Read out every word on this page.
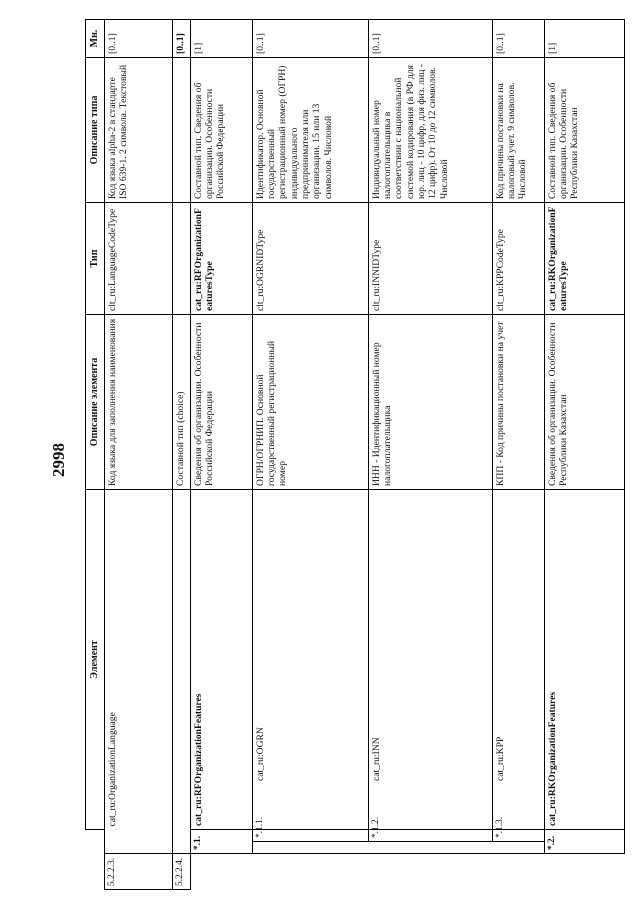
2998
			Элемент	Описание элемента	Тип	Описание типа	Мн.
5.2.2.3.			cat_ru:OrganizationLanguage	Код языка для заполнения наименования	clt_ru:LanguageCodeType	Код языка alpha-2 в стандарте ISO 639-1. 2 символа. Текстовый	[0..1]
5.2.2.4.				Составной тип (choice)			[0..1]
	*.1.		cat_ru:RFOrganizationFeatures	Сведения об организации. Особенности Российской Федерации	cat_ru:RFOrganizationFeaturesType	Составной тип. Сведения об организации. Особенности Российской Федерации	[1]
		*.1.1.	cat_ru:OGRN	ОГРН/ОГРНИП. Основной государственный регистрационный номер	clt_ru:OGRNIDType	Идентификатор. Основной государственный регистрационный номер (ОГРН) индивидуального предпринимателя или организации. 15 или 13 символов. Числовой	[0..1]
		*.1.2.	cat_ru:INN	ИНН - Идентификационный номер налогоплательщика	clt_ru:INNIDType	Индивидуальный номер налогоплательщика в соответствии с национальной системой кодирования (в РФ для юр. лиц - 10 цифр, для физ. лиц - 12 цифр). От 10 до 12 символов. Числовой	[0..1]
		*.1.3.	cat_ru:KPP	КПП - Код причины постановки на учет	clt_ru:KPPCodeType	Код причины постановки на налоговый учет. 9 символов. Числовой	[0..1]
	*.2.		cat_ru:RKOrganizationFeatures	Сведения об организации. Особенности Республики Казахстан	cat_ru:RKOrganizationFeaturesType	Составной тип. Сведения об организации. Особенности Республики Казахстан	[1]
